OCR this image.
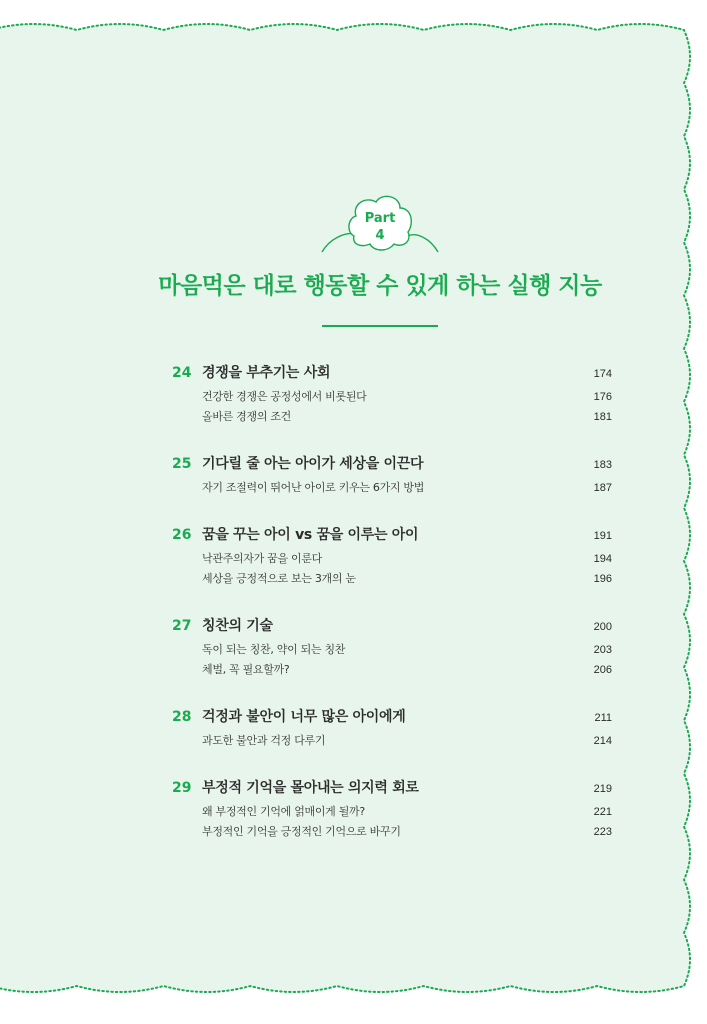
Part
4
마음먹은 대로 행동할 수 있게 하는 실행 지능
24 경쟁을 부추기는 사회	174
건강한 경쟁은 공정성에서 비롯된다	176
올바른 경쟁의 조건	181
25 기다릴 줄 아는 아이가 세상을 이끈다	183
자기 조절력이 뛰어난 아이로 키우는 6가지 방법	187
26 꿈을 꾸는 아이 vs 꿈을 이루는 아이	191
낙관주의자가 꿈을 이룬다	194
세상을 긍정적으로 보는 3개의 눈	196
27 칭찬의 기술	200
독이 되는 칭찬, 약이 되는 칭찬	203
체벌, 꼭 필요할까?	206
28 걱정과 불안이 너무 많은 아이에게	211
과도한 불안과 걱정 다루기	214
29 부정적 기억을 몰아내는 의지력 회로	219
왜 부정적인 기억에 얽매이게 될까?	221
부정적인 기억을 긍정적인 기억으로 바꾸기	223
